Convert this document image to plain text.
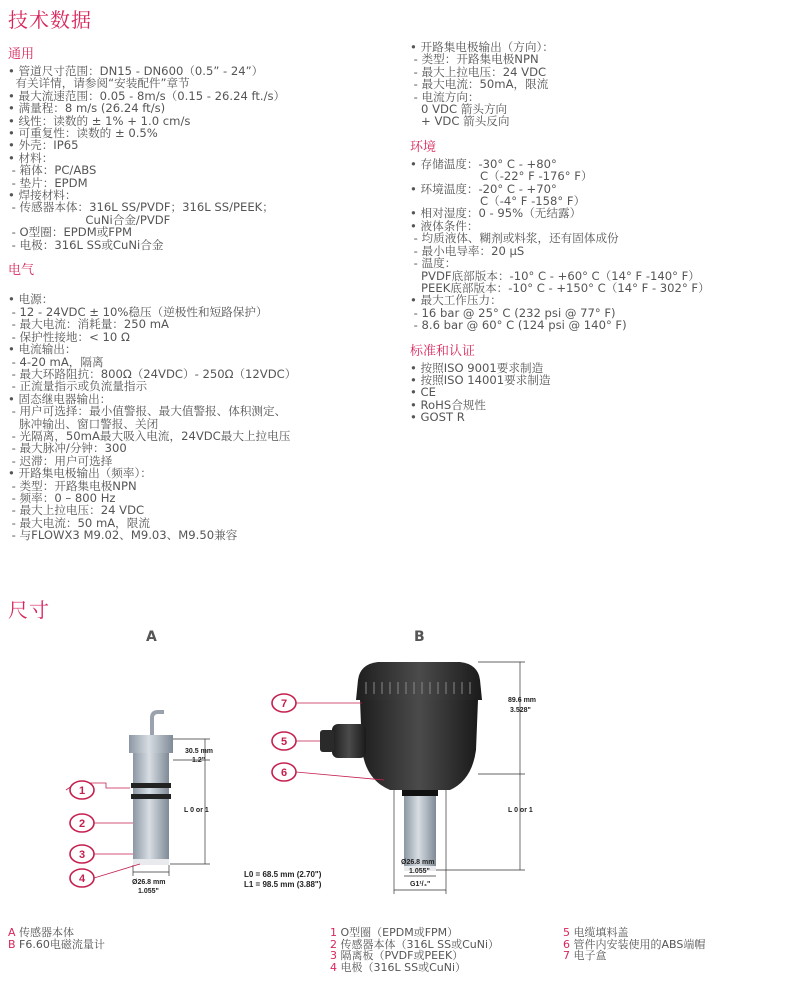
技术数据
通用
• 管道尺寸范围：DN15 - DN600（0.5” - 24”）
有关详情，请参阅“安装配件”章节
• 最大流速范围：0.05 - 8m/s（0.15 - 26.24 ft./s）
• 满量程：8 m/s (26.24 ft/s)
• 线性：读数的 ± 1% + 1.0 cm/s
• 可重复性：读数的 ± 0.5%
• 外壳：IP65
• 材料：
- 箱体：PC/ABS
- 垫片：EPDM
• 焊接材料：
- 传感器本体：316L SS/PVDF；316L SS/PEEK；
CuNi合金/PVDF
- O型圈：EPDM或FPM
- 电极：316L SS或CuNi合金
电气
• 电源：
- 12 - 24VDC ± 10%稳压（逆极性和短路保护）
- 最大电流：消耗量：250 mA
- 保护性接地：< 10 Ω
• 电流输出：
- 4-20 mA，隔离
- 最大环路阻抗：800Ω（24VDC）- 250Ω（12VDC）
- 正流量指示或负流量指示
• 固态继电器输出：
- 用户可选择：最小值警报、最大值警报、体积测定、
脉冲输出、窗口警报、关闭
- 光隔离，50mA最大吸入电流，24VDC最大上拉电压
- 最大脉冲/分钟：300
- 迟滞：用户可选择
• 开路集电极输出（频率）：
- 类型：开路集电极NPN
- 频率：0 – 800 Hz
- 最大上拉电压：24 VDC
- 最大电流：50 mA，限流
- 与FLOWX3 M9.02、M9.03、M9.50兼容
• 开路集电极输出（方向）：
- 类型：开路集电极NPN
- 最大上拉电压：24 VDC
- 最大电流：50mA，限流
- 电流方向：
0 VDC 箭头方向
+ VDC 箭头反向
环境
• 存储温度：-30° C - +80°
C（-22° F -176° F）
• 环境温度：-20° C - +70°
C（-4° F -158° F）
• 相对湿度：0 - 95%（无结露）
• 液体条件：
- 均质液体、糊剂或料浆，还有固体成份
- 最小电导率：20 μS
- 温度：
PVDF底部版本：-10° C - +60° C（14° F -140° F）
PEEK底部版本：-10° C - +150° C（14° F - 302° F）
• 最大工作压力：
- 16 bar @ 25° C (232 psi @ 77° F)
- 8.6 bar @ 60° C (124 psi @ 140° F)
标准和认证
• 按照ISO 9001要求制造
• 按照ISO 14001要求制造
• CE
• RoHS合规性
• GOST R
尺寸
A	B
30.5 mm
1.2"
L 0 or 1
Ø26.8 mm
1.055"
1
2
3
4
89.6 mm
3.528"
L 0 or 1
Ø26.8 mm
1.055"
G1¹/₄"
L0 = 68.5 mm (2.70")
L1 = 98.5 mm (3.88")
7
5
6
A 传感器本体
B F6.60电磁流量计
1 O型圈（EPDM或FPM）
2 传感器本体（316L SS或CuNi）
3 隔离板（PVDF或PEEK）
4 电极（316L SS或CuNi）
5 电缆填料盖
6 管件内安装使用的ABS端帽
7 电子盒
